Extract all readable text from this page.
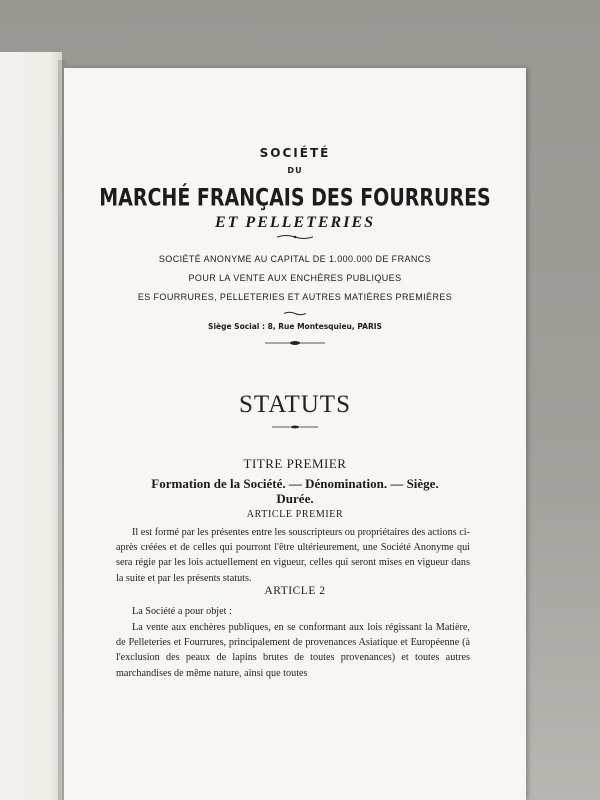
SOCIÉTÉ
DU
MARCHÉ FRANÇAIS DES FOURRURES
ET PELLETERIES
SOCIÉTÉ ANONYME AU CAPITAL DE 1.000.000 DE FRANCS
POUR LA VENTE AUX ENCHÈRES PUBLIQUES
ES FOURRURES, PELLETERIES ET AUTRES MATIÈRES PREMIÈRES
Siège Social : 8, Rue Montesquieu, PARIS
STATUTS
TITRE PREMIER
Formation de la Société. — Dénomination. — Siège.
Durée.
ARTICLE PREMIER
Il est formé par les présentes entre les souscripteurs ou propriétaires des actions ci-après créées et de celles qui pourront l'être ultérieurement, une Société Anonyme qui sera régie par les lois actuellement en vigueur, celles qui seront mises en vigueur dans la suite et par les présents statuts.
ARTICLE 2
La Société a pour objet :
La vente aux enchères publiques, en se conformant aux lois régissant la Matière, de Pelleteries et Fourrures, principalement de provenances Asiatique et Européenne (à l'exclusion des peaux de lapins brutes de toutes provenances) et toutes autres marchandises de même nature, ainsi que toutes
